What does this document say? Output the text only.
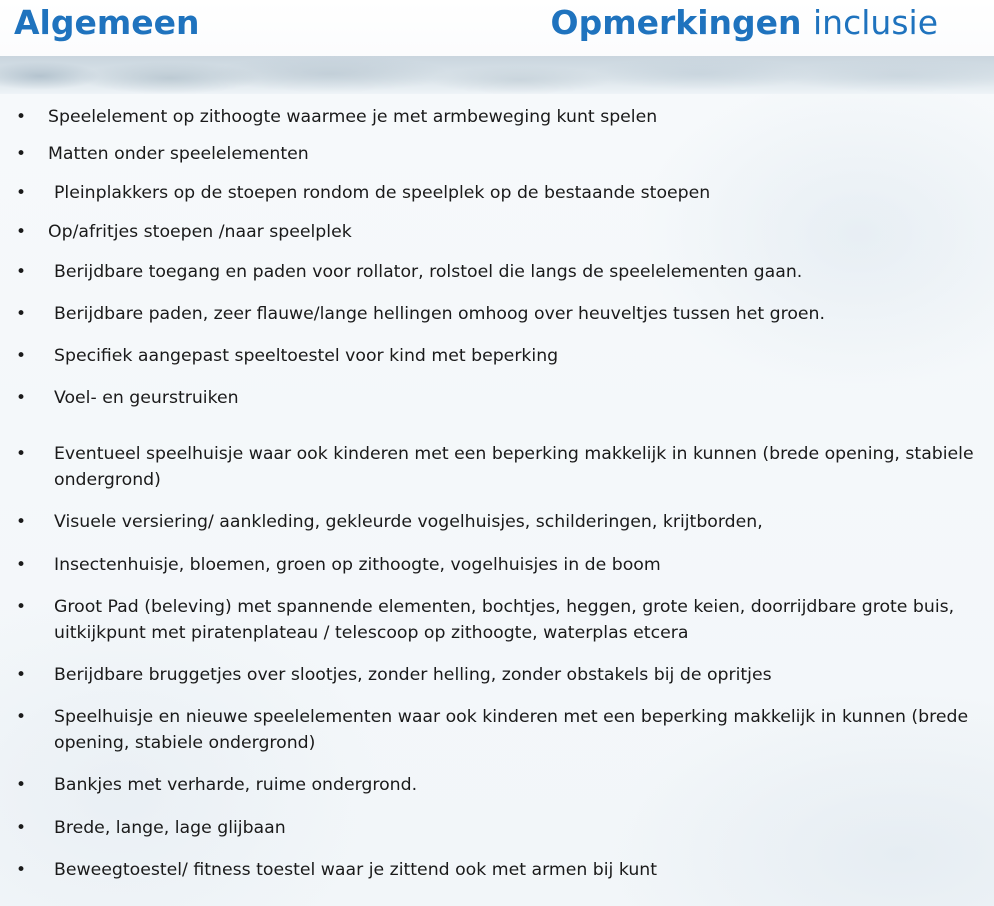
Algemeen	Opmerkingen inclusie
• Speelelement op zithoogte waarmee je met armbeweging kunt spelen

• Matten onder speelelementen

• Pleinplakkers op de stoepen rondom de speelplek op de bestaande stoepen

• Op/afritjes stoepen /naar speelplek

• Berijdbare toegang en paden voor rollator, rolstoel die langs de speelelementen gaan.

• Berijdbare paden, zeer flauwe/lange hellingen omhoog over heuveltjes tussen het groen.

• Specifiek aangepast speeltoestel voor kind met beperking

• Voel- en geurstruiken

• Eventueel speelhuisje waar ook kinderen met een beperking makkelijk in kunnen (brede opening, stabiele ondergrond)

• Visuele versiering/ aankleding, gekleurde vogelhuisjes, schilderingen, krijtborden,

• Insectenhuisje, bloemen, groen op zithoogte, vogelhuisjes in de boom

• Groot Pad (beleving) met spannende elementen, bochtjes, heggen, grote keien, doorrijdbare grote buis, uitkijkpunt met piratenplateau / telescoop op zithoogte, waterplas etcera

• Berijdbare bruggetjes over slootjes, zonder helling, zonder obstakels bij de opritjes

• Speelhuisje en nieuwe speelelementen waar ook kinderen met een beperking makkelijk in kunnen (brede opening, stabiele ondergrond)

• Bankjes met verharde, ruime ondergrond.

• Brede, lange, lage glijbaan

• Beweegtoestel/ fitness toestel waar je zittend ook met armen bij kunt
